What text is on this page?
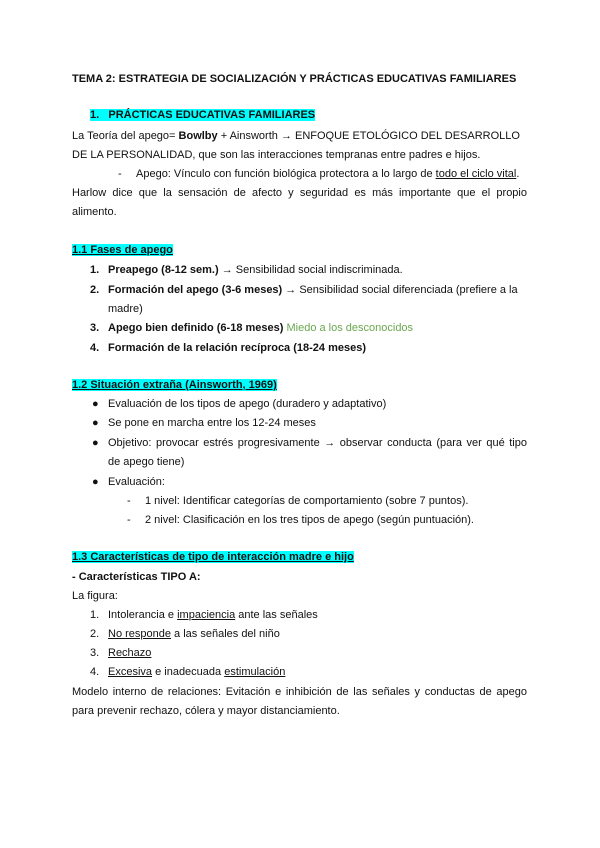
TEMA 2: ESTRATEGIA DE SOCIALIZACIÓN Y PRÁCTICAS EDUCATIVAS FAMILIARES
1. PRÁCTICAS EDUCATIVAS FAMILIARES
La Teoría del apego= Bowlby + Ainsworth → ENFOQUE ETOLÓGICO DEL DESARROLLO
DE LA PERSONALIDAD, que son las interacciones tempranas entre padres e hijos.
- Apego: Vínculo con función biológica protectora a lo largo de todo el ciclo vital.
Harlow dice que la sensación de afecto y seguridad es más importante que el propio
alimento.
1.1 Fases de apego
1. Preapego (8-12 sem.) → Sensibilidad social indiscriminada.
2. Formación del apego (3-6 meses) → Sensibilidad social diferenciada (prefiere a la
madre)
3. Apego bien definido (6-18 meses) Miedo a los desconocidos
4. Formación de la relación recíproca (18-24 meses)
1.2 Situación extraña (Ainsworth, 1969)
● Evaluación de los tipos de apego (duradero y adaptativo)
● Se pone en marcha entre los 12-24 meses
● Objetivo: provocar estrés progresivamente → observar conducta (para ver qué tipo
de apego tiene)
● Evaluación:
- 1 nivel: Identificar categorías de comportamiento (sobre 7 puntos).
- 2 nivel: Clasificación en los tres tipos de apego (según puntuación).
1.3 Características de tipo de interacción madre e hijo
- Características TIPO A:
La figura:
1. Intolerancia e impaciencia ante las señales
2. No responde a las señales del niño
3. Rechazo
4. Excesiva e inadecuada estimulación
Modelo interno de relaciones: Evitación e inhibición de las señales y conductas de apego
para prevenir rechazo, cólera y mayor distanciamiento.
